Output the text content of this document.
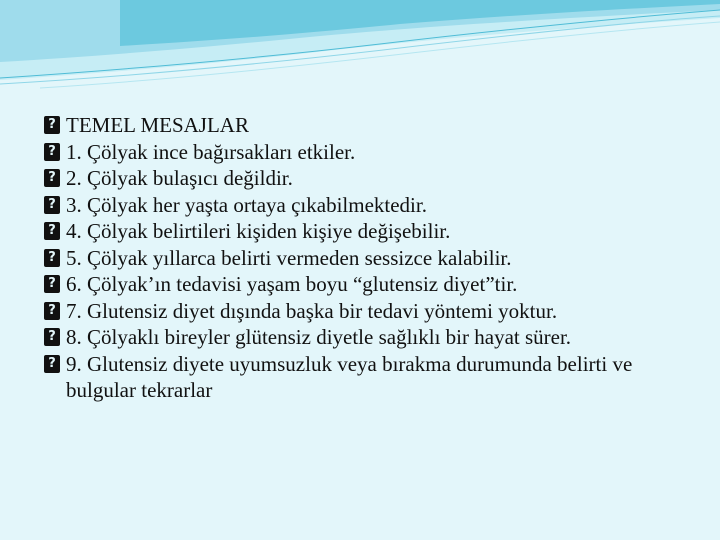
? TEMEL MESAJLAR
? 1. Çölyak ince bağırsakları etkiler.
? 2. Çölyak bulaşıcı değildir.
? 3. Çölyak her yaşta ortaya çıkabilmektedir.
? 4. Çölyak belirtileri kişiden kişiye değişebilir.
? 5. Çölyak yıllarca belirti vermeden sessizce kalabilir.
? 6. Çölyak’ın tedavisi yaşam boyu “glutensiz diyet”tir.
? 7. Glutensiz diyet dışında başka bir tedavi yöntemi yoktur.
? 8. Çölyaklı bireyler glütensiz diyetle sağlıklı bir hayat sürer.
? 9. Glutensiz diyete uyumsuzluk veya bırakma durumunda belirti ve bulgular tekrarlar
